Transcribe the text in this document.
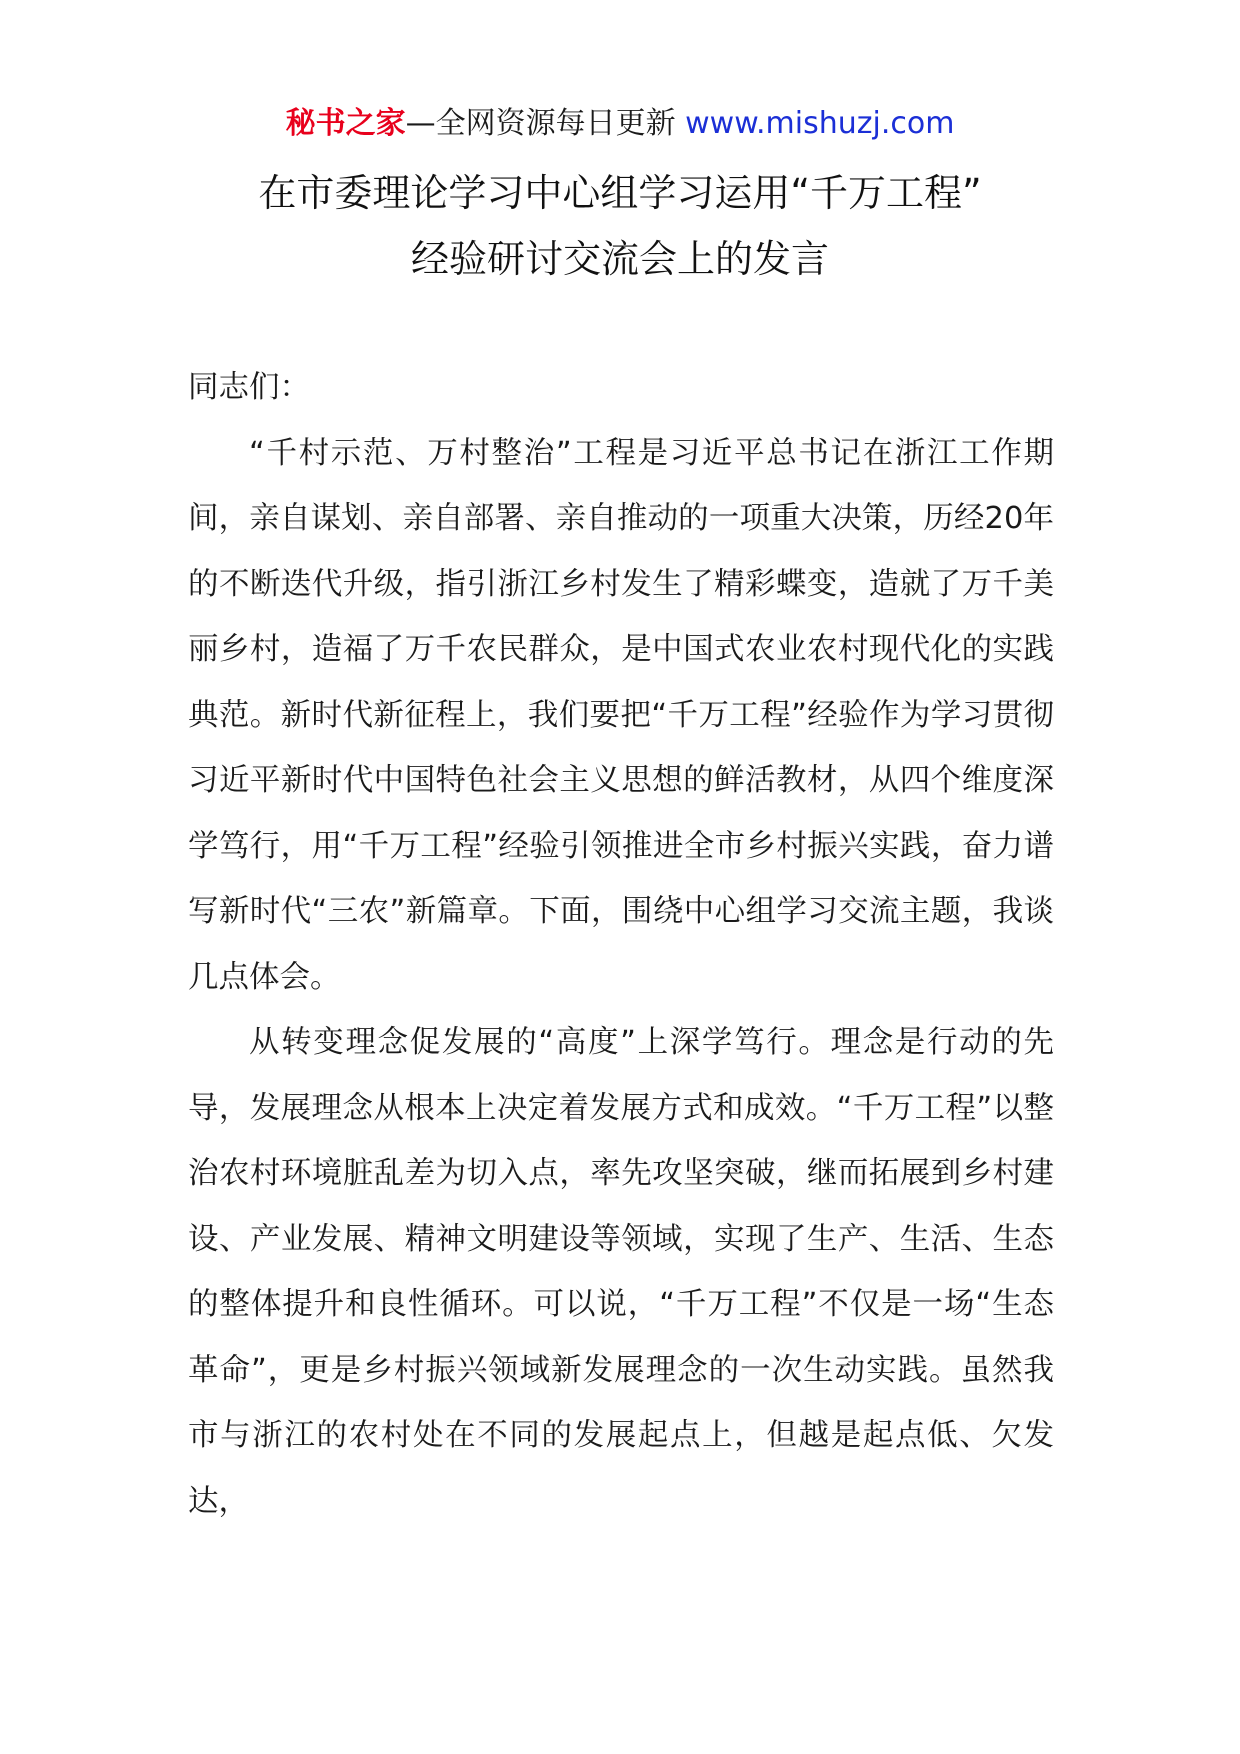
秘书之家—全网资源每日更新 www.mishuzj.com
在市委理论学习中心组学习运用“千万工程”
经验研讨交流会上的发言

同志们：

“千村示范、万村整治”工程是习近平总书记在浙江工作期间，亲自谋划、亲自部署、亲自推动的一项重大决策，历经20年的不断迭代升级，指引浙江乡村发生了精彩蝶变，造就了万千美丽乡村，造福了万千农民群众，是中国式农业农村现代化的实践典范。新时代新征程上，我们要把“千万工程”经验作为学习贯彻习近平新时代中国特色社会主义思想的鲜活教材，从四个维度深学笃行，用“千万工程”经验引领推进全市乡村振兴实践，奋力谱写新时代“三农”新篇章。下面，围绕中心组学习交流主题，我谈几点体会。

从转变理念促发展的“高度”上深学笃行。理念是行动的先导，发展理念从根本上决定着发展方式和成效。“千万工程”以整治农村环境脏乱差为切入点，率先攻坚突破，继而拓展到乡村建设、产业发展、精神文明建设等领域，实现了生产、生活、生态的整体提升和良性循环。可以说，“千万工程”不仅是一场“生态革命”，更是乡村振兴领域新发展理念的一次生动实践。虽然我市与浙江的农村处在不同的发展起点上，但越是起点低、欠发达，
